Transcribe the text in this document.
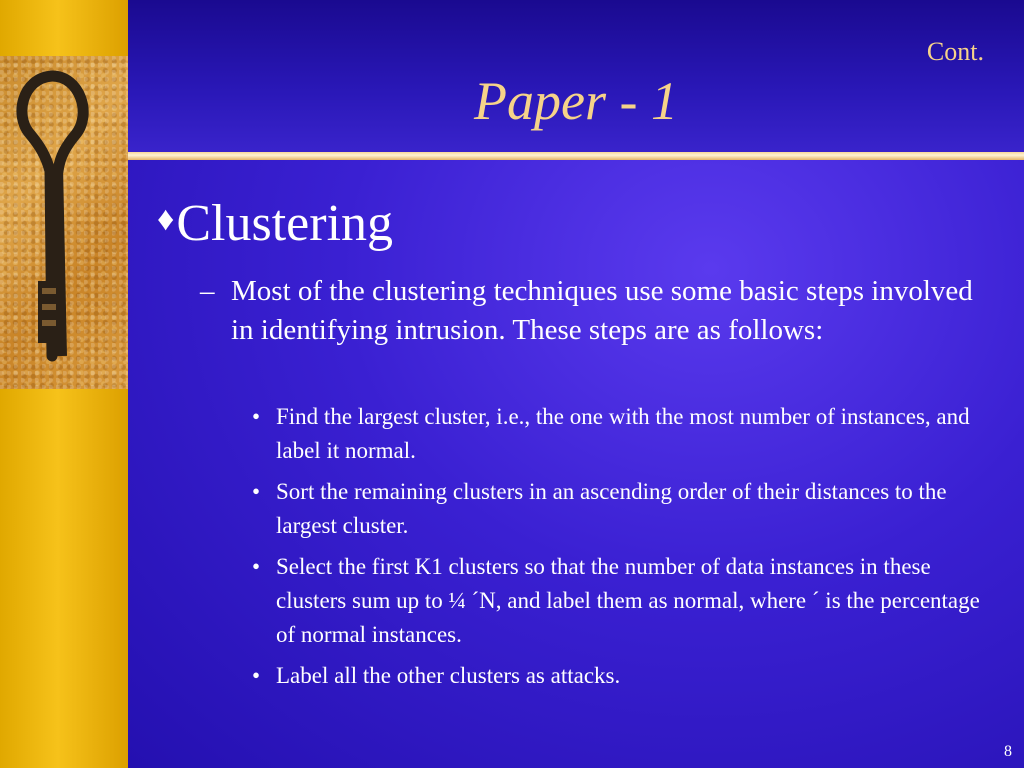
Cont.
Paper - 1
♦Clustering
– Most of the clustering techniques use some basic steps involved in identifying intrusion. These steps are as follows:
• Find the largest cluster, i.e., the one with the most number of instances, and label it normal.
• Sort the remaining clusters in an ascending order of their distances to the largest cluster.
• Select the first K1 clusters so that the number of data instances in these clusters sum up to ¼ ´N, and label them as normal, where ´ is the percentage of normal instances.
• Label all the other clusters as attacks.
8
